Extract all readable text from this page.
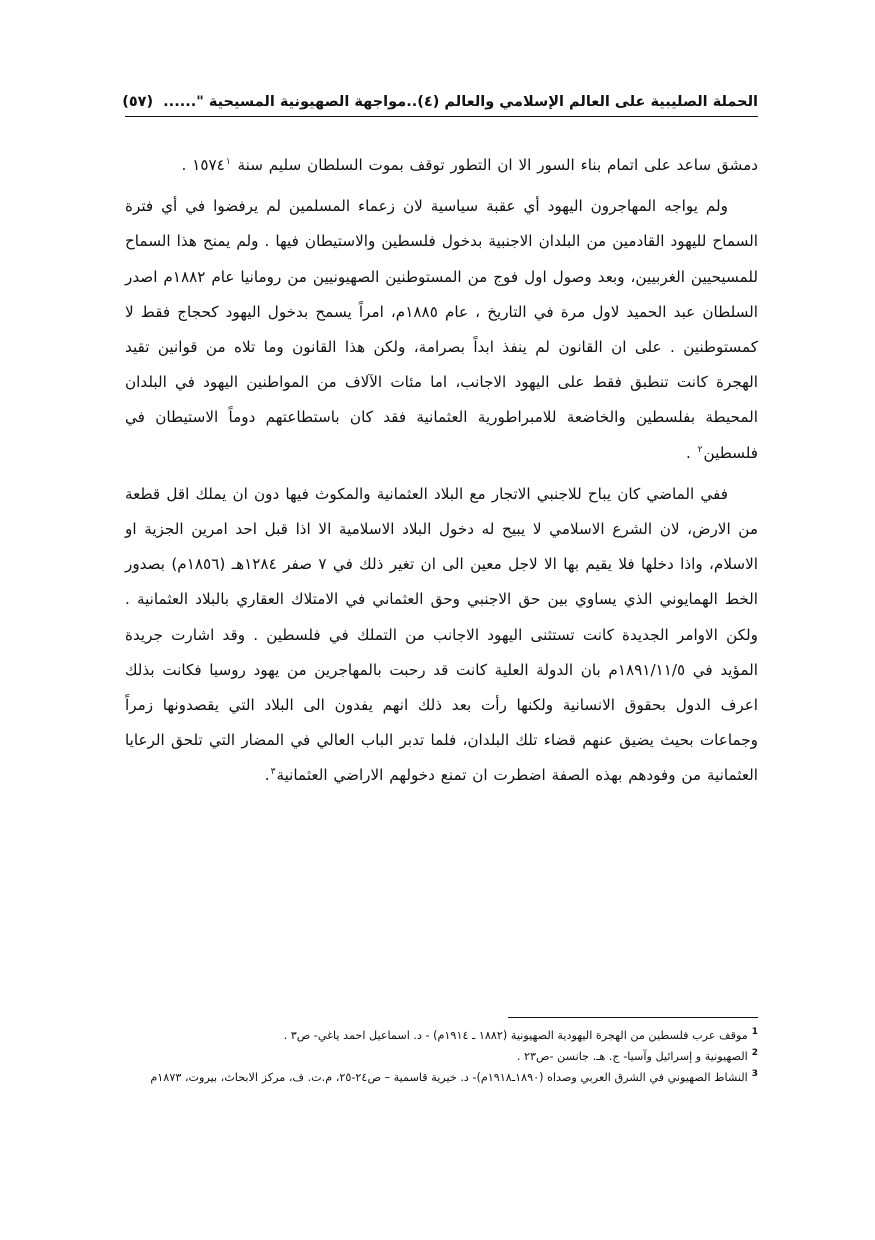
الحملة الصليبية على العالم الإسلامي والعالم (٤)..مواجهة الصهيونية المسيحية "......
(٥٧)

دمشق ساعد على اتمام بناء السور الا ان التطور توقف بموت السلطان سليم سنة ١٥٧٤$^١$ .

ولم يواجه المهاجرون اليهود أي عقبة سياسية لان زعماء المسلمين لم يرفضوا في أي فترة السماح لليهود القادمين من البلدان الاجنبية بدخول فلسطين والاستيطان فيها . ولم يمنح هذا السماح للمسيحيين الغربيين، وبعد وصول اول فوج من المستوطنين الصهيونيين من رومانيا عام ١٨٨٢م اصدر السلطان عبد الحميد لاول مرة في التاريخ ، عام ١٨٨٥م، امراً يسمح بدخول اليهود كحجاج فقط لا كمستوطنين . على ان القانون لم ينفذ ابداً بصرامة، ولكن هذا القانون وما تلاه من قوانين تقيد الهجرة كانت تنطبق فقط على اليهود الاجانب، اما مئات الآلاف من المواطنين اليهود في البلدان المحيطة بفلسطين والخاضعة للامبراطورية العثمانية فقد كان باستطاعتهم دوماً الاستيطان في فلسطين$^٢$ .

ففي الماضي كان يباح للاجنبي الاتجار مع البلاد العثمانية والمكوث فيها دون ان يملك اقل قطعة من الارض، لان الشرع الاسلامي لا يبيح له دخول البلاد الاسلامية الا اذا قبل احد امرين الجزية او الاسلام، واذا دخلها فلا يقيم بها الا لاجل معين الى ان تغير ذلك في ٧ صفر ١٢٨٤هـ (١٨٥٦م) بصدور الخط الهمايوني الذي يساوي بين حق الاجنبي وحق العثماني في الامتلاك العقاري بالبلاد العثمانية . ولكن الاوامر الجديدة كانت تستثنى اليهود الاجانب من التملك في فلسطين . وقد اشارت جريدة المؤيد في ١٨٩١/١١/٥م بان الدولة العلية كانت قد رحبت بالمهاجرين من يهود روسيا فكانت بذلك اعرف الدول بحقوق الانسانية ولكنها رأت بعد ذلك انهم يفدون الى البلاد التي يقصدونها زمراً وجماعات بحيث يضيق عنهم قضاء تلك البلدان، فلما تدبر الباب العالي في المضار التي تلحق الرعايا العثمانية من وفودهم بهذه الصفة اضطرت ان تمنع دخولهم الاراضي العثمانية$^٣$.

$^1$موقف عرب فلسطين من الهجرة اليهودية الصهيونية (١٨٨٢ ـ ١٩١٤م) - د. اسماعيل احمد ياغي- ص٣ .

$^2$الصهيونية و إسرائيل وآسيا- ج. هـ. جانسن -ص٢٣ .

$^3$النشاط الصهيوني في الشرق العربي وصداه (١٨٩٠ـ١٩١٨م)- د. خيرية قاسمية – ص٢٤-٢٥، م.ت. ف، مركز الابحاث، بيروت، ١٨٧٣م
